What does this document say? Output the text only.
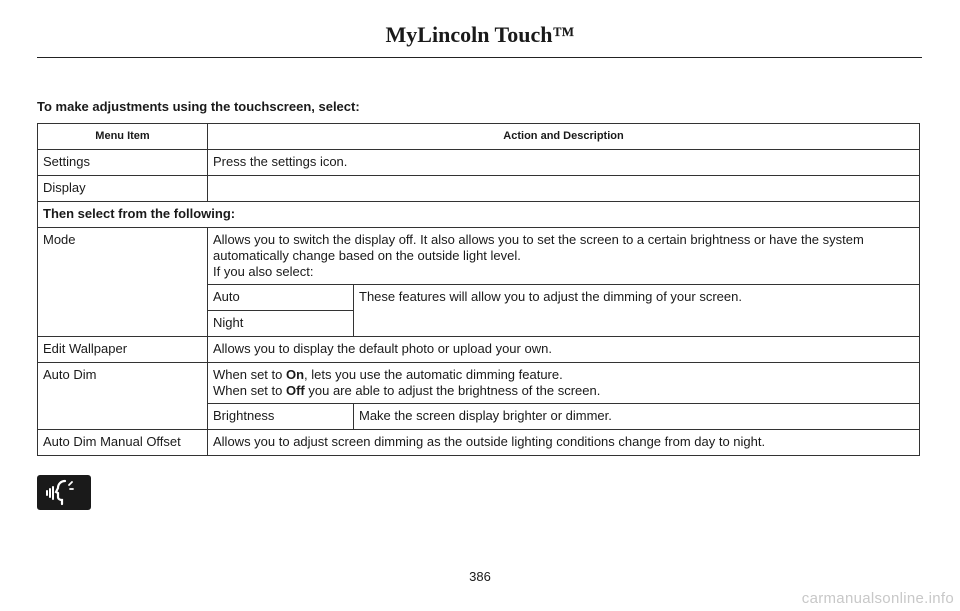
MyLincoln Touch™
To make adjustments using the touchscreen, select:
Menu Item	Action and Description	
Settings	Press the settings icon.	
Display		
Then select from the following:		
Mode	Allows you to switch the display off. It also allows you to set the screen to a certain brightness or have the system automatically change based on the outside light level.
If you also select:	

	Auto	These features will allow you to adjust the dimming of your screen.
	Night	
Edit Wallpaper	Allows you to display the default photo or upload your own.	
Auto Dim	When set to On, lets you use the automatic dimming feature.
When set to Off you are able to adjust the brightness of the screen.	

	Brightness	Make the screen display brighter or dimmer.
Auto Dim Manual Offset	Allows you to adjust screen dimming as the outside lighting conditions change from day to night.	
386
carmanualsonline.info
